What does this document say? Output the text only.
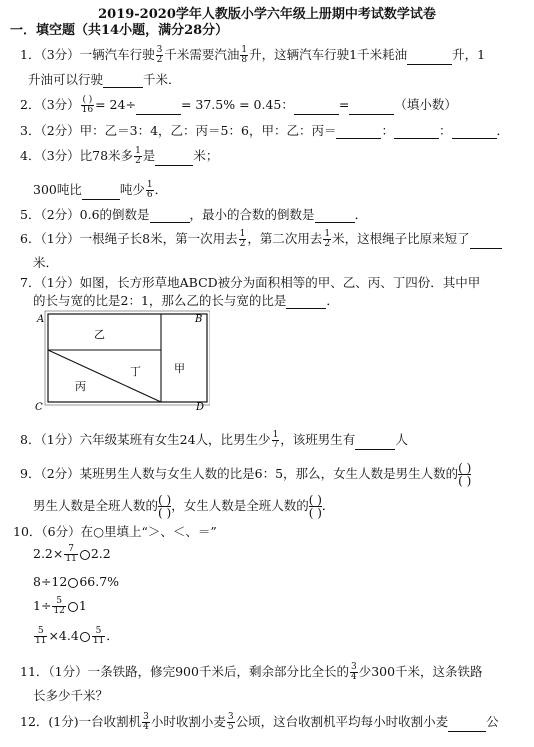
2019-2020学年人教版小学六年级上册期中考试数学试卷
一．填空题（共14小题，满分28分）
1．（3分）一辆汽车行驶 $\frac{3}{2}$ 千米需要汽油 $\frac{1}{8}$ 升，这辆汽车行驶1千米耗油	升，1
升油可以行驶	千米．
2．（3分） $\frac{( )}{16} = 24\div$	= 37.5% = 0.45：	=	（填小数）
3．（2分）甲：乙＝3：4，乙：丙＝5：6，甲：乙：丙＝	：	：	．
4．（3分）比78米多 $\frac{1}{2}$ 是	米；
300吨比	吨少 $\frac{1}{6}$ ．
5．（2分）0.6的倒数是	，最小的合数的倒数是	．
6．（1分）一根绳子长8米，第一次用去 $\frac{1}{2}$ ，第二次用去 $\frac{1}{2}$ 米，这根绳子比原来短了
米．
7．（1分）如图，长方形草地ABCD被分为面积相等的甲、乙、丙、丁四份．其中甲
的长与宽的比是2：1，那么乙的长与宽的比是	．
A	B
C	D
乙
丁
丙
甲
8．（1分）六年级某班有女生24人，比男生少 $\frac{1}{7}$ ，该班男生有	人
9．（2分）某班男生人数与女生人数的比是6：5，那么，女生人数是男生人数的 ( )
( )
男生人数是全班人数的 ( )
( ) ，女生人数是全班人数的 ( )
( ) ．
10．（6分）在○里填上“＞、＜、＝”
$2.2\times \frac{7}{11} 2.2$
8÷12 66.7%
$1\div \frac{5}{12} 1$
$\frac{5}{11} \times 4.4 \frac{5}{11}$ ．
11．（1分）一条铁路，修完900千米后，剩余部分比全长的 $\frac{3}{4}$ 少300千米，这条铁路
长多少千米？
12．(1分)一台收割机 $\frac{3}{4}$ 小时收割小麦 $\frac{3}{5}$ 公顷，这台收割机平均每小时收割小麦	公
